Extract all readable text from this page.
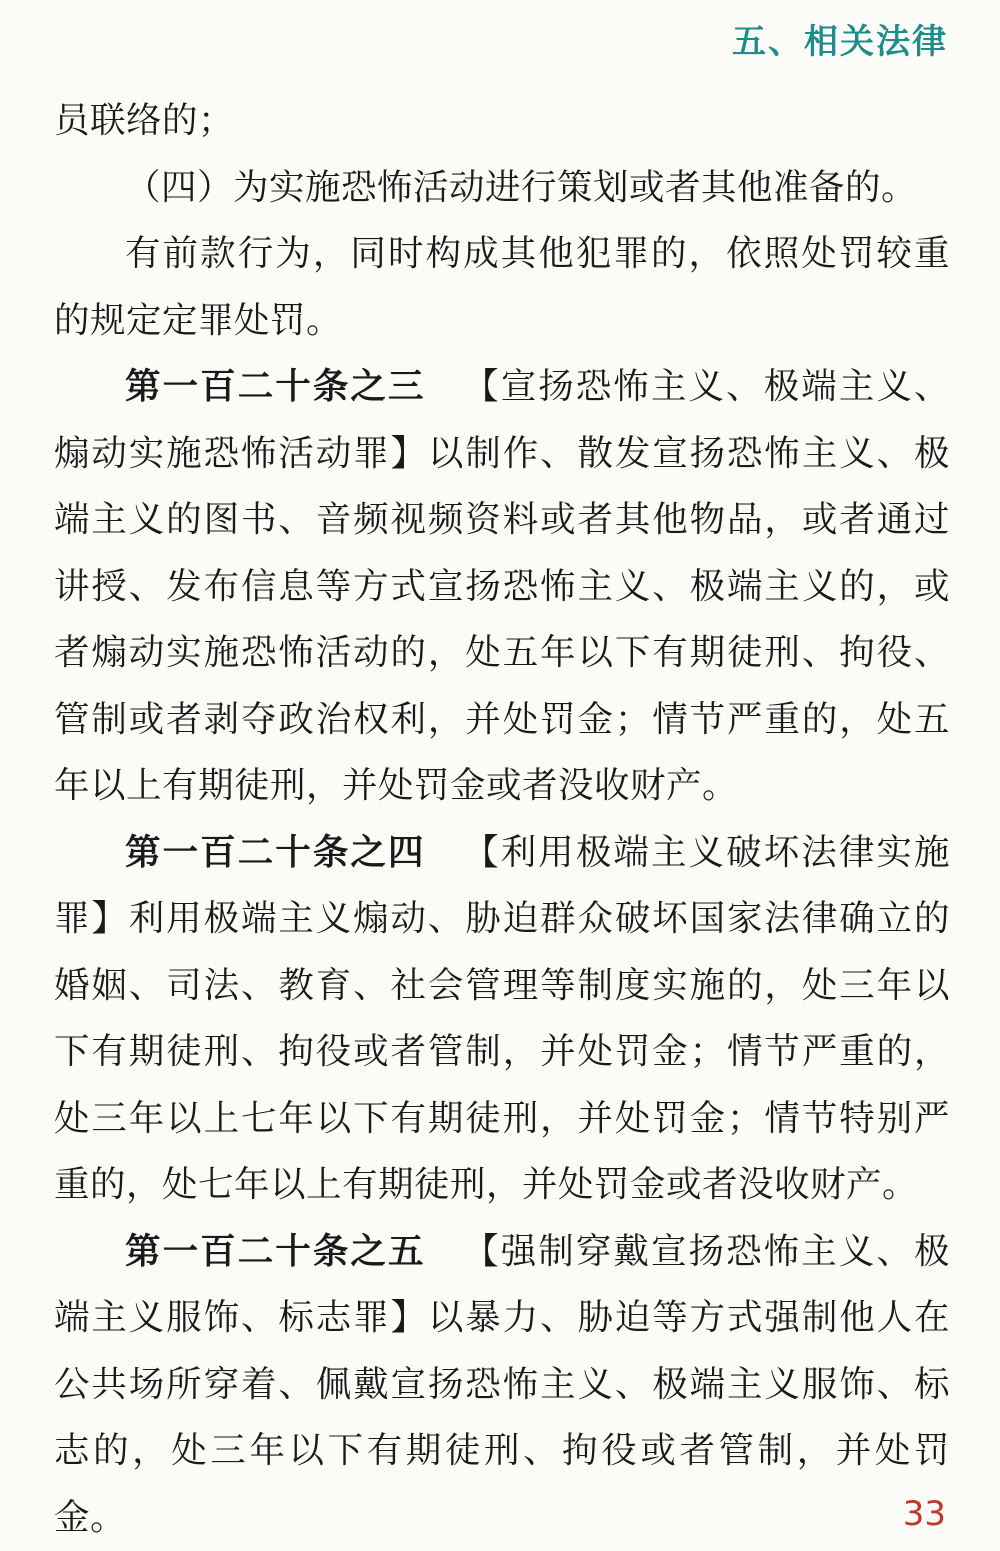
五、相关法律

员联络的；

（四）为实施恐怖活动进行策划或者其他准备的。

有前款行为，同时构成其他犯罪的，依照处罚较重的规定定罪处罚。

第一百二十条之三  【宣扬恐怖主义、极端主义、煽动实施恐怖活动罪】以制作、散发宣扬恐怖主义、极端主义的图书、音频视频资料或者其他物品，或者通过讲授、发布信息等方式宣扬恐怖主义、极端主义的，或者煽动实施恐怖活动的，处五年以下有期徒刑、拘役、管制或者剥夺政治权利，并处罚金；情节严重的，处五年以上有期徒刑，并处罚金或者没收财产。

第一百二十条之四  【利用极端主义破坏法律实施罪】利用极端主义煽动、胁迫群众破坏国家法律确立的婚姻、司法、教育、社会管理等制度实施的，处三年以下有期徒刑、拘役或者管制，并处罚金；情节严重的，处三年以上七年以下有期徒刑，并处罚金；情节特别严重的，处七年以上有期徒刑，并处罚金或者没收财产。

第一百二十条之五  【强制穿戴宣扬恐怖主义、极端主义服饰、标志罪】以暴力、胁迫等方式强制他人在公共场所穿着、佩戴宣扬恐怖主义、极端主义服饰、标志的，处三年以下有期徒刑、拘役或者管制，并处罚金。	33
